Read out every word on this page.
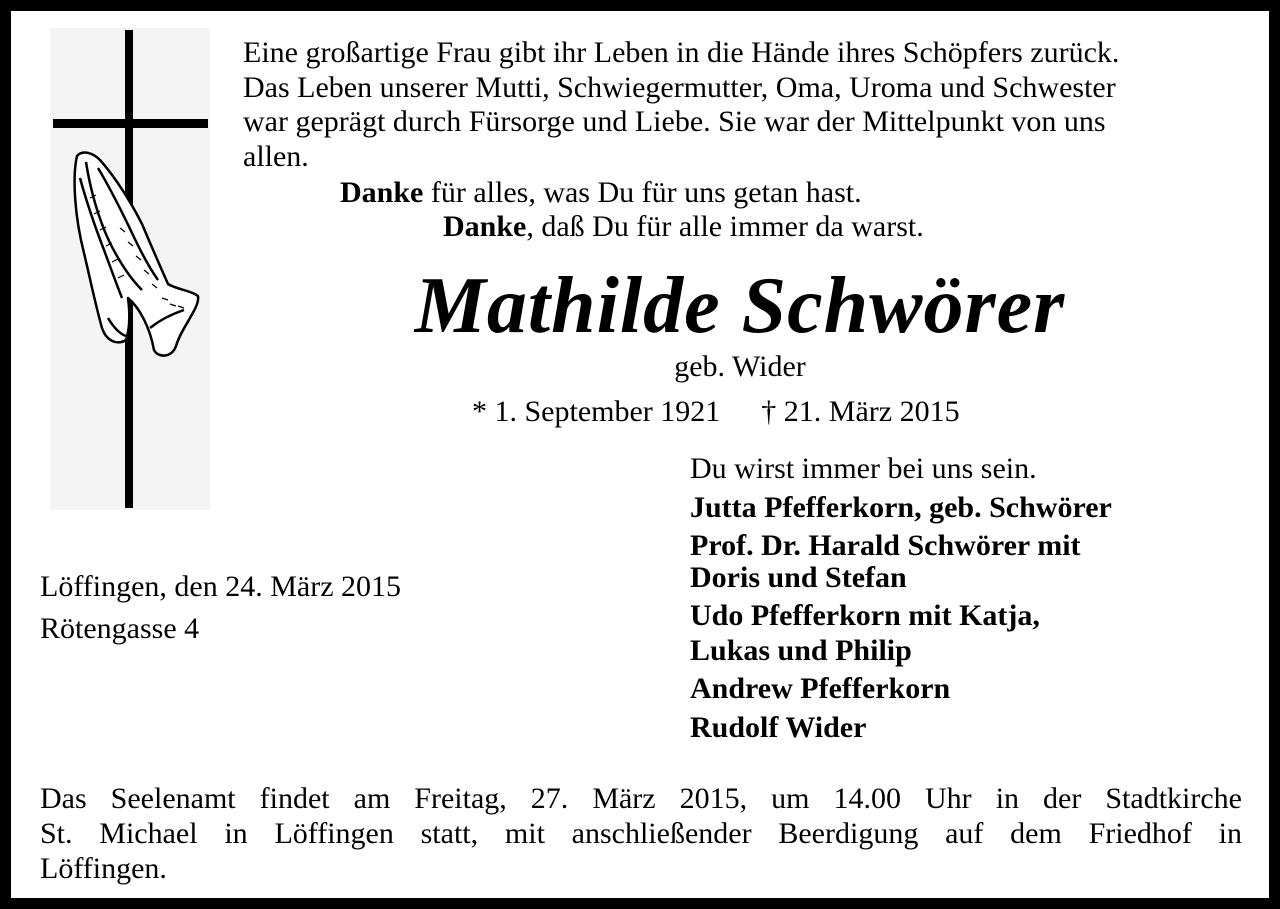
Eine großartige Frau gibt ihr Leben in die Hände ihres Schöpfers zurück.
Das Leben unserer Mutti, Schwiegermutter, Oma, Uroma und Schwester
war geprägt durch Fürsorge und Liebe. Sie war der Mittelpunkt von uns
allen.
Danke für alles, was Du für uns getan hast.
Danke, daß Du für alle immer da warst.
Mathilde Schwörer
geb. Wider
* 1. September 1921 † 21. März 2015
Du wirst immer bei uns sein.
Jutta Pfefferkorn, geb. Schwörer
Prof. Dr. Harald Schwörer mit
Doris und Stefan
Udo Pfefferkorn mit Katja,
Lukas und Philip
Andrew Pfefferkorn
Rudolf Wider
Löffingen, den 24. März 2015
Rötengasse 4
Das Seelenamt findet am Freitag, 27. März 2015, um 14.00 Uhr in der Stadtkirche
St. Michael in Löffingen statt, mit anschließender Beerdigung auf dem Friedhof in
Löffingen.
